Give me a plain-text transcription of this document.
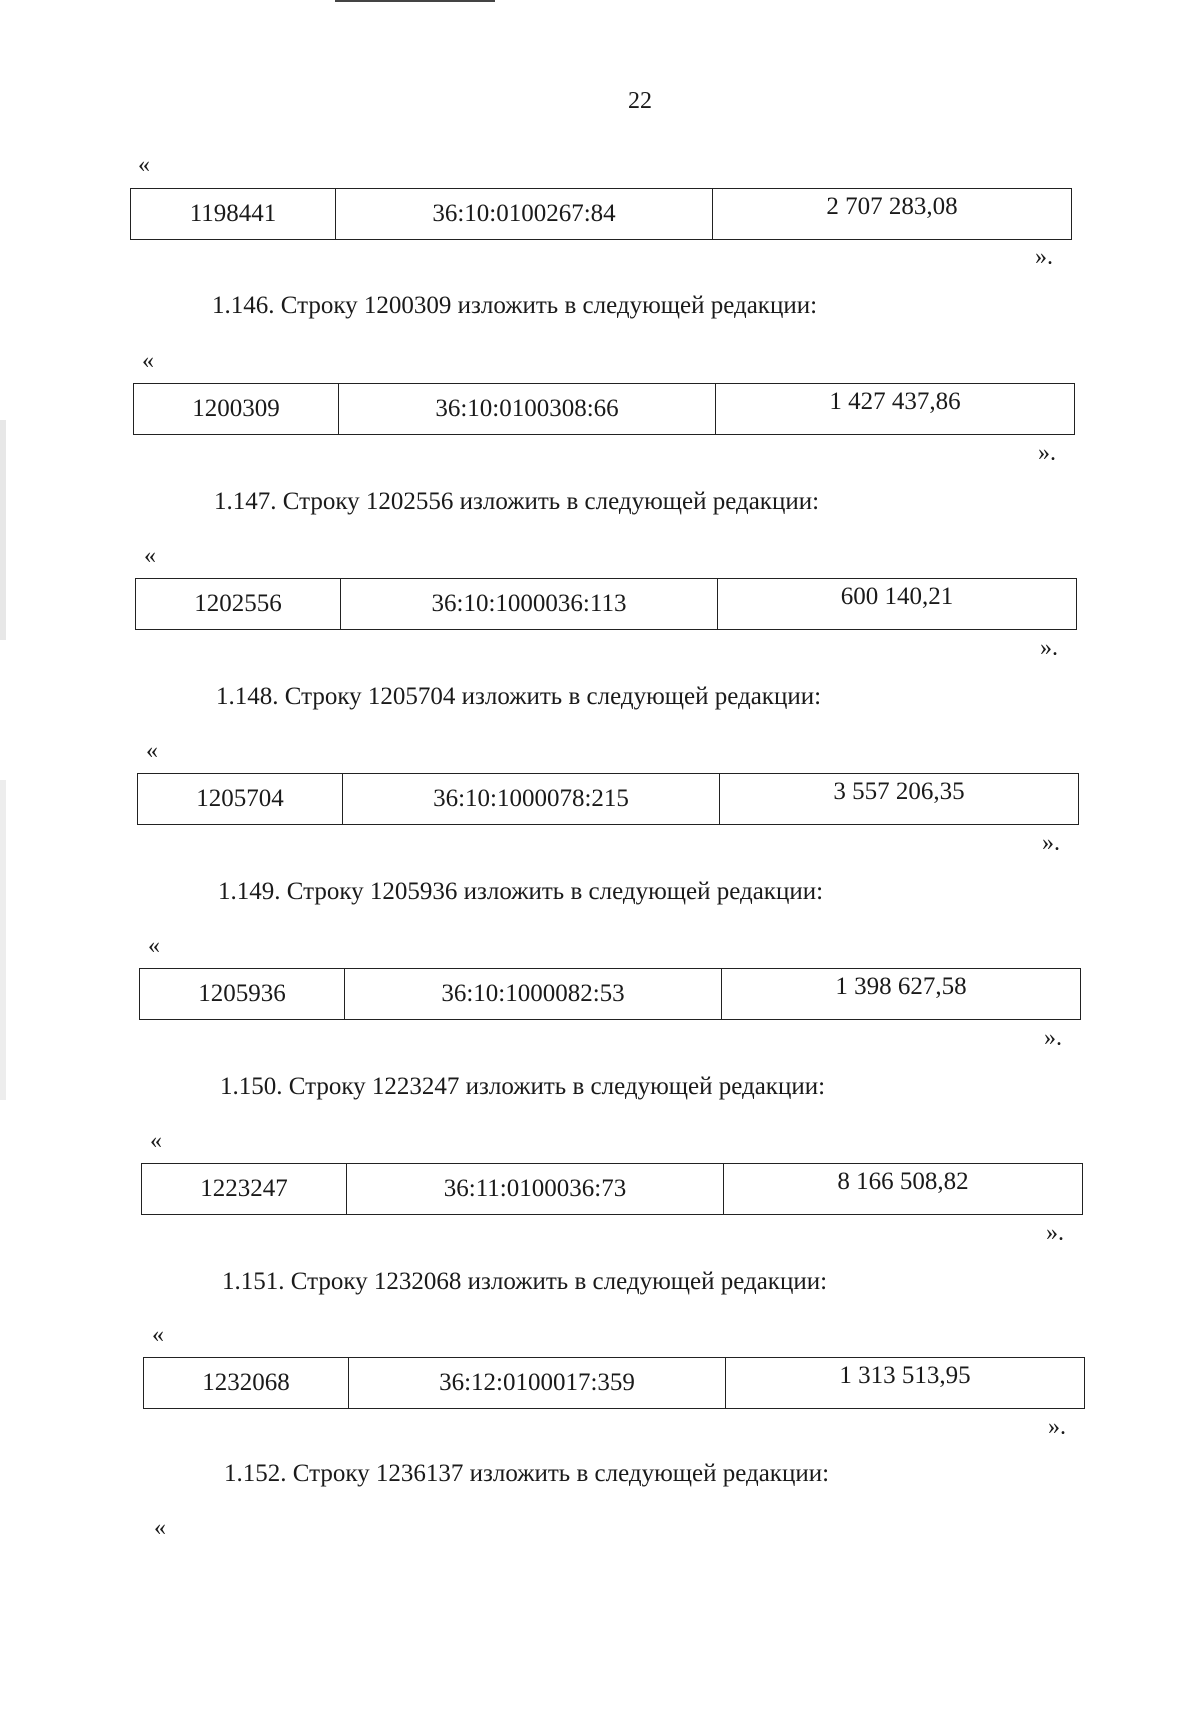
22
«
1198441	36:10:0100267:84	2 707 283,08
».
1.146. Строку 1200309 изложить в следующей редакции:
«
1200309	36:10:0100308:66	1 427 437,86
».
1.147. Строку 1202556 изложить в следующей редакции:
«
1202556	36:10:1000036:113	600 140,21
».
1.148. Строку 1205704 изложить в следующей редакции:
«
1205704	36:10:1000078:215	3 557 206,35
».
1.149. Строку 1205936 изложить в следующей редакции:
«
1205936	36:10:1000082:53	1 398 627,58
».
1.150. Строку 1223247 изложить в следующей редакции:
«
1223247	36:11:0100036:73	8 166 508,82
».
1.151. Строку 1232068 изложить в следующей редакции:
«
1232068	36:12:0100017:359	1 313 513,95
».
1.152. Строку 1236137 изложить в следующей редакции:
«
